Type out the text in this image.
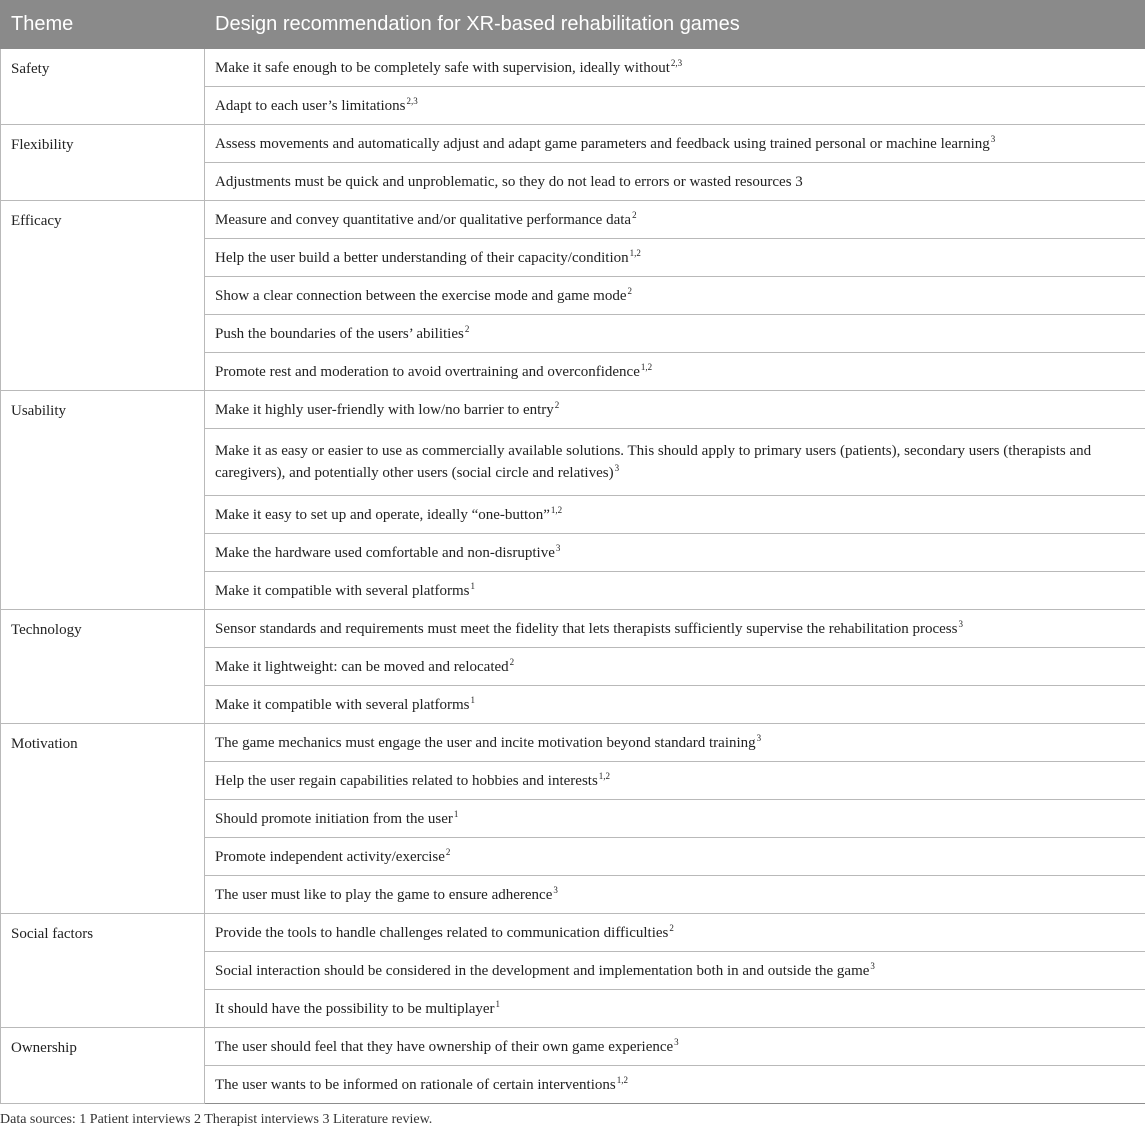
Theme	Design recommendation for XR-based rehabilitation games
Safety	Make it safe enough to be completely safe with supervision, ideally without$^{2,3}$
	Adapt to each user’s limitations$^{2,3}$
Flexibility	Assess movements and automatically adjust and adapt game parameters and feedback using trained personal or machine learning$^3$
	Adjustments must be quick and unproblematic, so they do not lead to errors or wasted resources 3
Efficacy	Measure and convey quantitative and/or qualitative performance data$^2$
	Help the user build a better understanding of their capacity/condition$^{1,2}$
	Show a clear connection between the exercise mode and game mode$^2$
	Push the boundaries of the users’ abilities$^2$
	Promote rest and moderation to avoid overtraining and overconfidence$^{1,2}$
Usability	Make it highly user-friendly with low/no barrier to entry$^2$
	Make it as easy or easier to use as commercially available solutions. This should apply to primary users (patients), secondary users (therapists and caregivers), and potentially other users (social circle and relatives)$^3$
	Make it easy to set up and operate, ideally “one-button”$^{1,2}$
	Make the hardware used comfortable and non-disruptive$^3$
	Make it compatible with several platforms$^1$
Technology	Sensor standards and requirements must meet the fidelity that lets therapists sufficiently supervise the rehabilitation process$^3$
	Make it lightweight: can be moved and relocated$^2$
	Make it compatible with several platforms$^1$
Motivation	The game mechanics must engage the user and incite motivation beyond standard training$^3$
	Help the user regain capabilities related to hobbies and interests$^{1,2}$
	Should promote initiation from the user$^1$
	Promote independent activity/exercise$^2$
	The user must like to play the game to ensure adherence$^3$
Social factors	Provide the tools to handle challenges related to communication difficulties$^2$
	Social interaction should be considered in the development and implementation both in and outside the game$^3$
	It should have the possibility to be multiplayer$^1$
Ownership	The user should feel that they have ownership of their own game experience$^3$
	The user wants to be informed on rationale of certain interventions$^{1,2}$

Data sources: 1 Patient interviews 2 Therapist interviews 3 Literature review.
